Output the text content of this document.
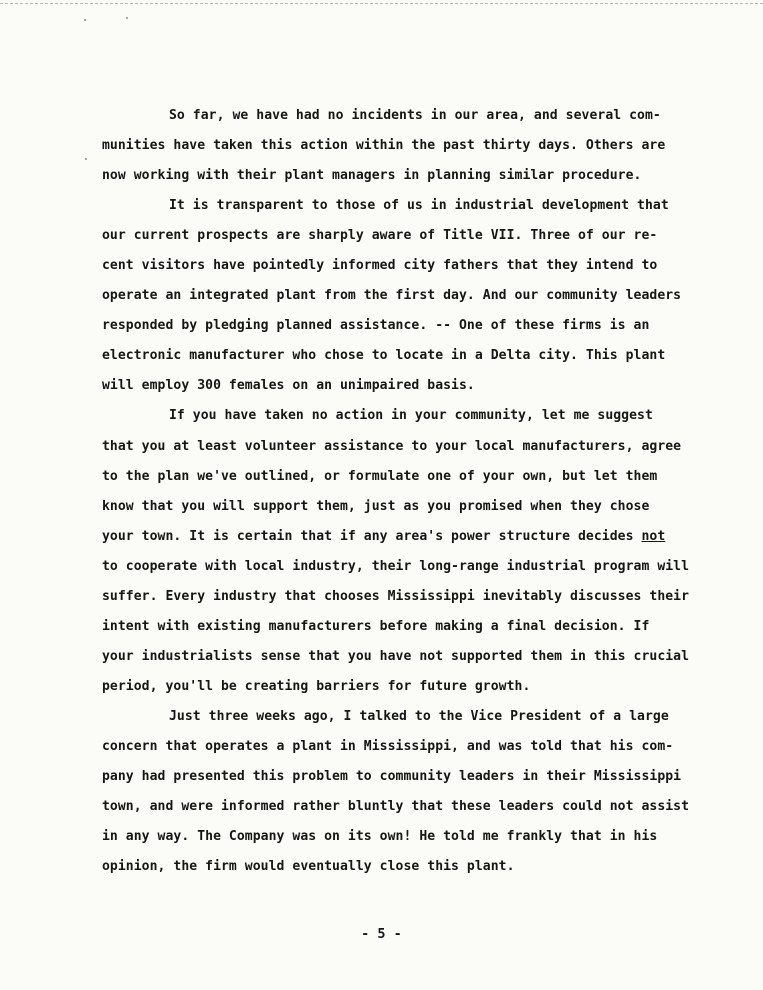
So far, we have had no incidents in our area, and several com-
munities have taken this action within the past thirty days. Others are
now working with their plant managers in planning similar procedure.
It is transparent to those of us in industrial development that
our current prospects are sharply aware of Title VII. Three of our re-
cent visitors have pointedly informed city fathers that they intend to
operate an integrated plant from the first day. And our community leaders
responded by pledging planned assistance. -- One of these firms is an
electronic manufacturer who chose to locate in a Delta city. This plant
will employ 300 females on an unimpaired basis.
If you have taken no action in your community, let me suggest
that you at least volunteer assistance to your local manufacturers, agree
to the plan we've outlined, or formulate one of your own, but let them
know that you will support them, just as you promised when they chose
your town. It is certain that if any area's power structure decides not
to cooperate with local industry, their long-range industrial program will
suffer. Every industry that chooses Mississippi inevitably discusses their
intent with existing manufacturers before making a final decision. If
your industrialists sense that you have not supported them in this crucial
period, you'll be creating barriers for future growth.
Just three weeks ago, I talked to the Vice President of a large
concern that operates a plant in Mississippi, and was told that his com-
pany had presented this problem to community leaders in their Mississippi
town, and were informed rather bluntly that these leaders could not assist
in any way. The Company was on its own! He told me frankly that in his
opinion, the firm would eventually close this plant.
- 5 -
